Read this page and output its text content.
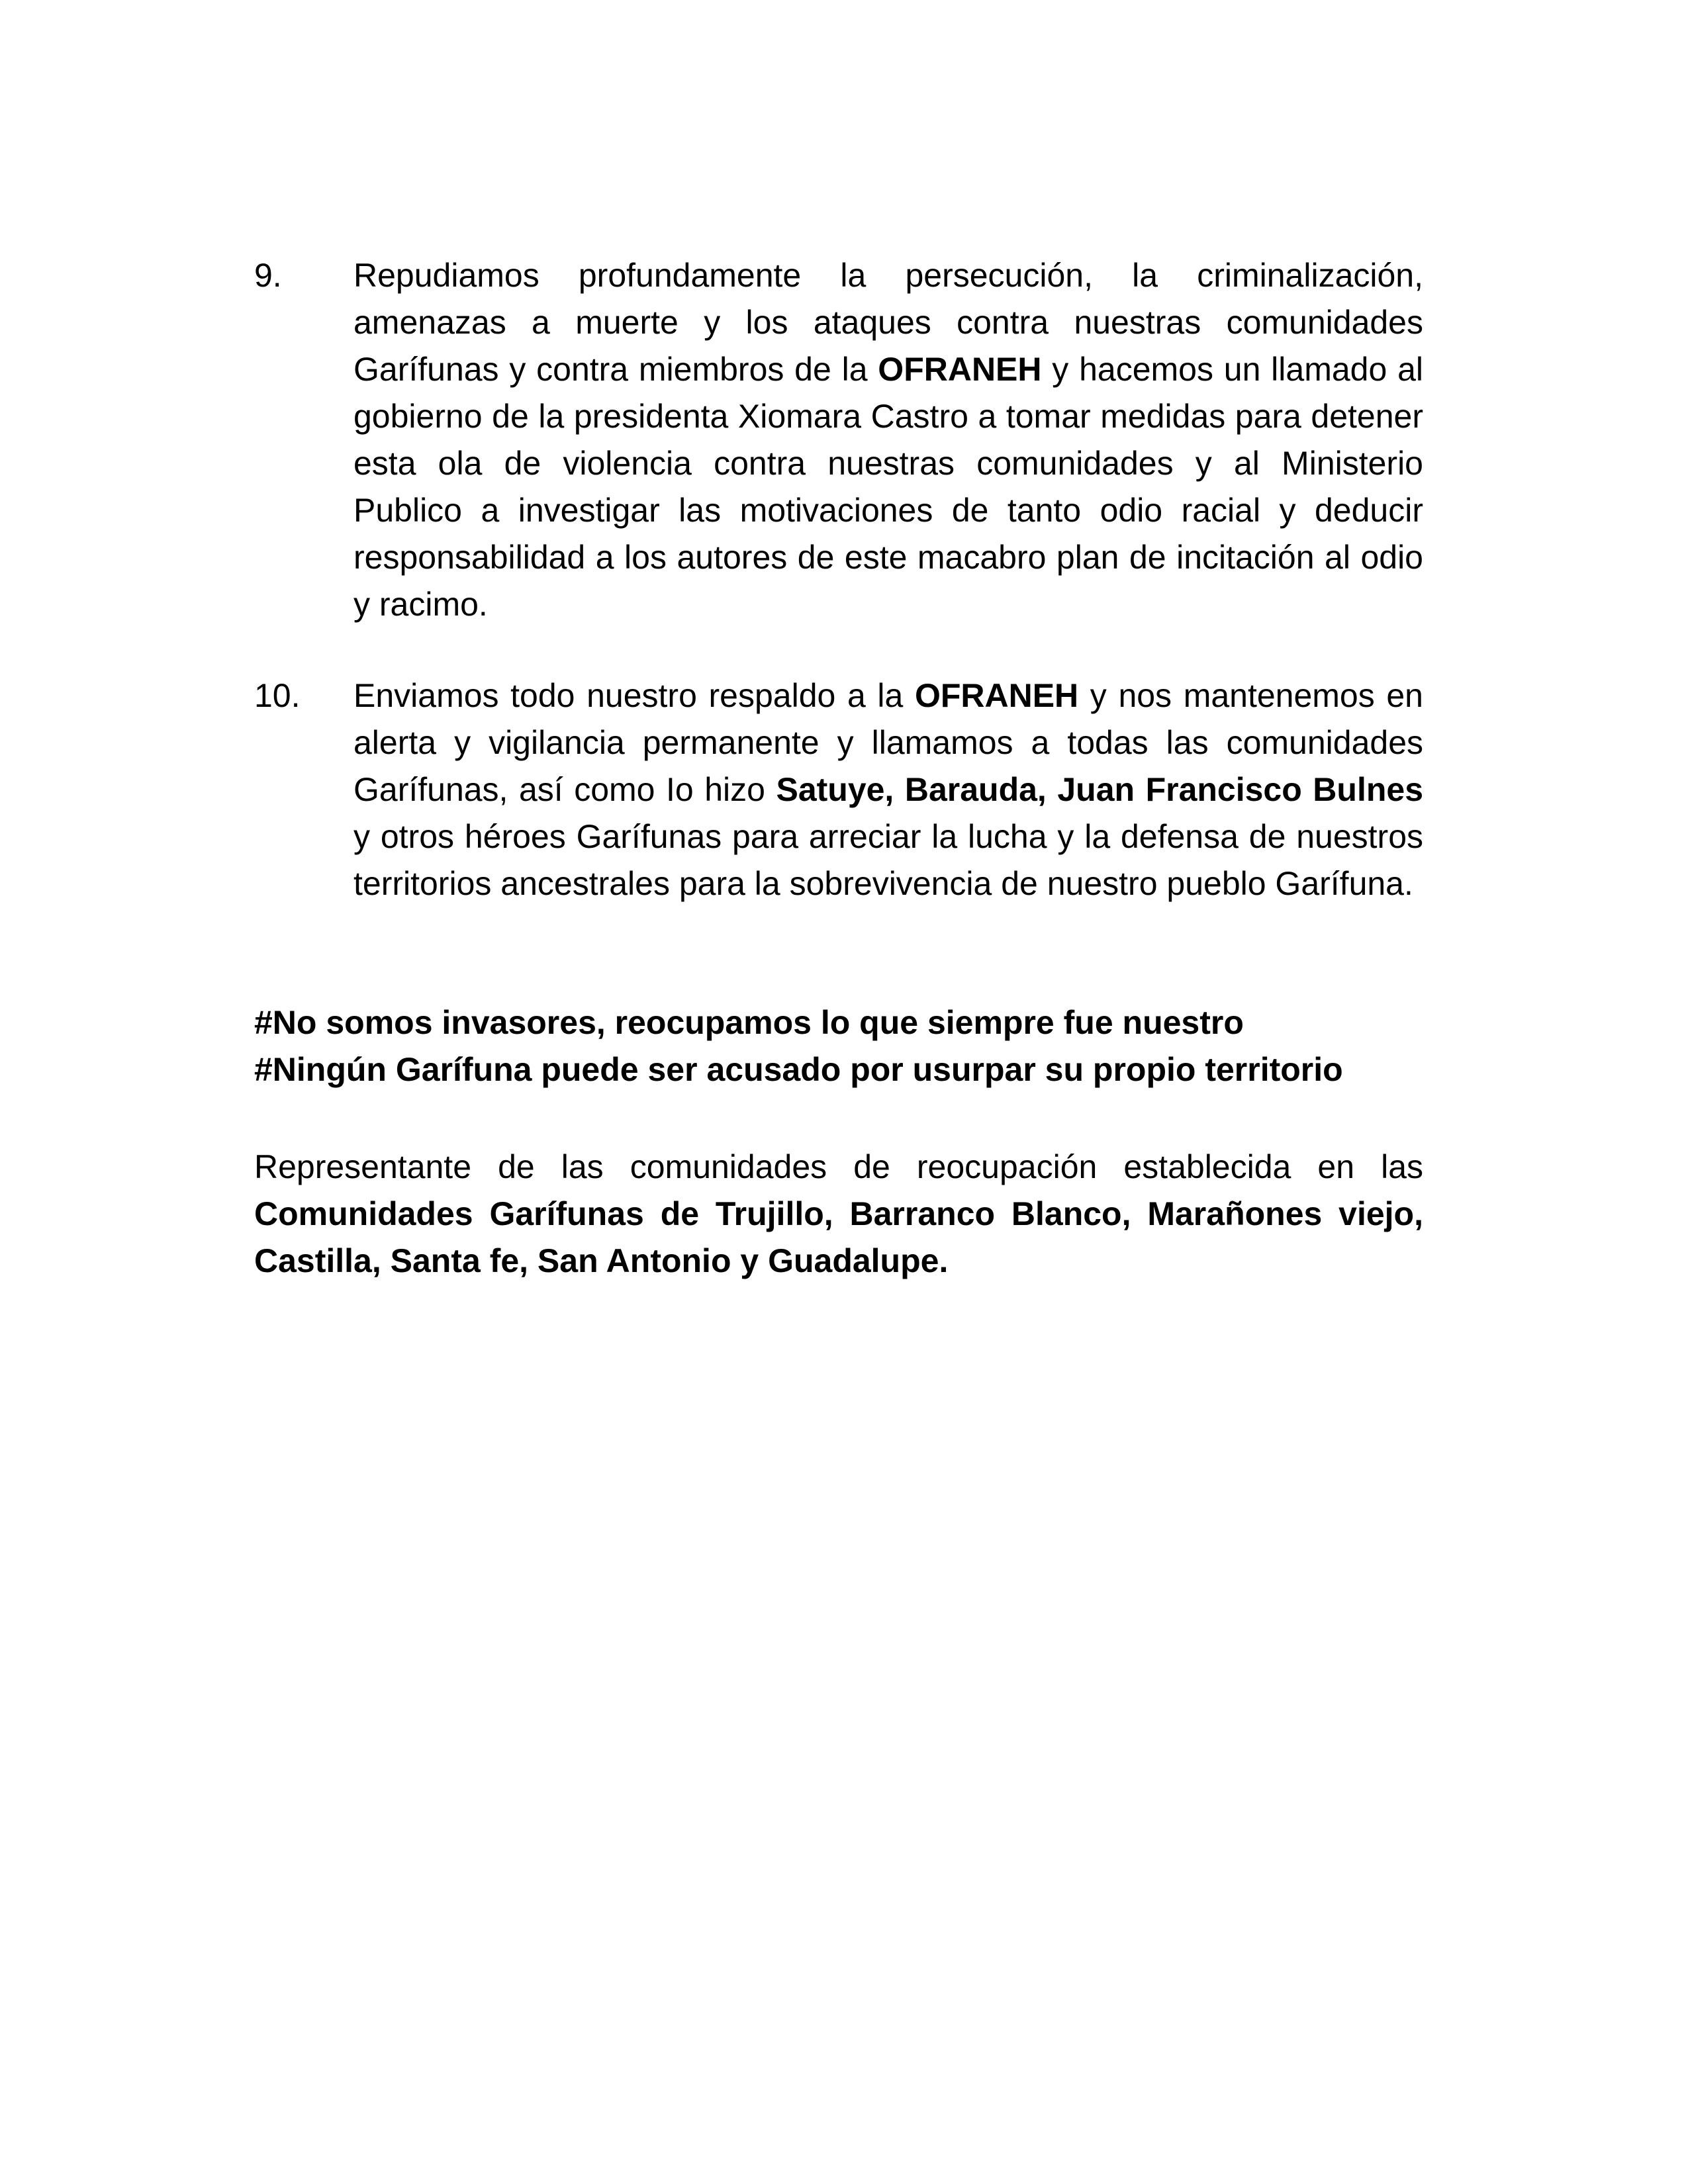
9.	Repudiamos profundamente la persecución, la criminalización, amenazas a muerte y los ataques contra nuestras comunidades Garífunas y contra miembros de la OFRANEH y hacemos un llamado al gobierno de la presidenta Xiomara Castro a tomar medidas para detener esta ola de violencia contra nuestras comunidades y al Ministerio Publico a investigar las motivaciones de tanto odio racial y deducir responsabilidad a los autores de este macabro plan de incitación al odio y racimo.
10.	Enviamos todo nuestro respaldo a la OFRANEH y nos mantenemos en alerta y vigilancia permanente y llamamos a todas las comunidades Garífunas, así como Io hizo Satuye, Barauda, Juan Francisco Bulnes y otros héroes Garífunas para arreciar la lucha y la defensa de nuestros territorios ancestrales para la sobrevivencia de nuestro pueblo Garífuna.
#No somos invasores, reocupamos lo que siempre fue nuestro
#Ningún Garífuna puede ser acusado por usurpar su propio territorio
Representante de las comunidades de reocupación establecida en las Comunidades Garífunas de Trujillo, Barranco Blanco, Marañones viejo, Castilla, Santa fe, San Antonio y Guadalupe.
